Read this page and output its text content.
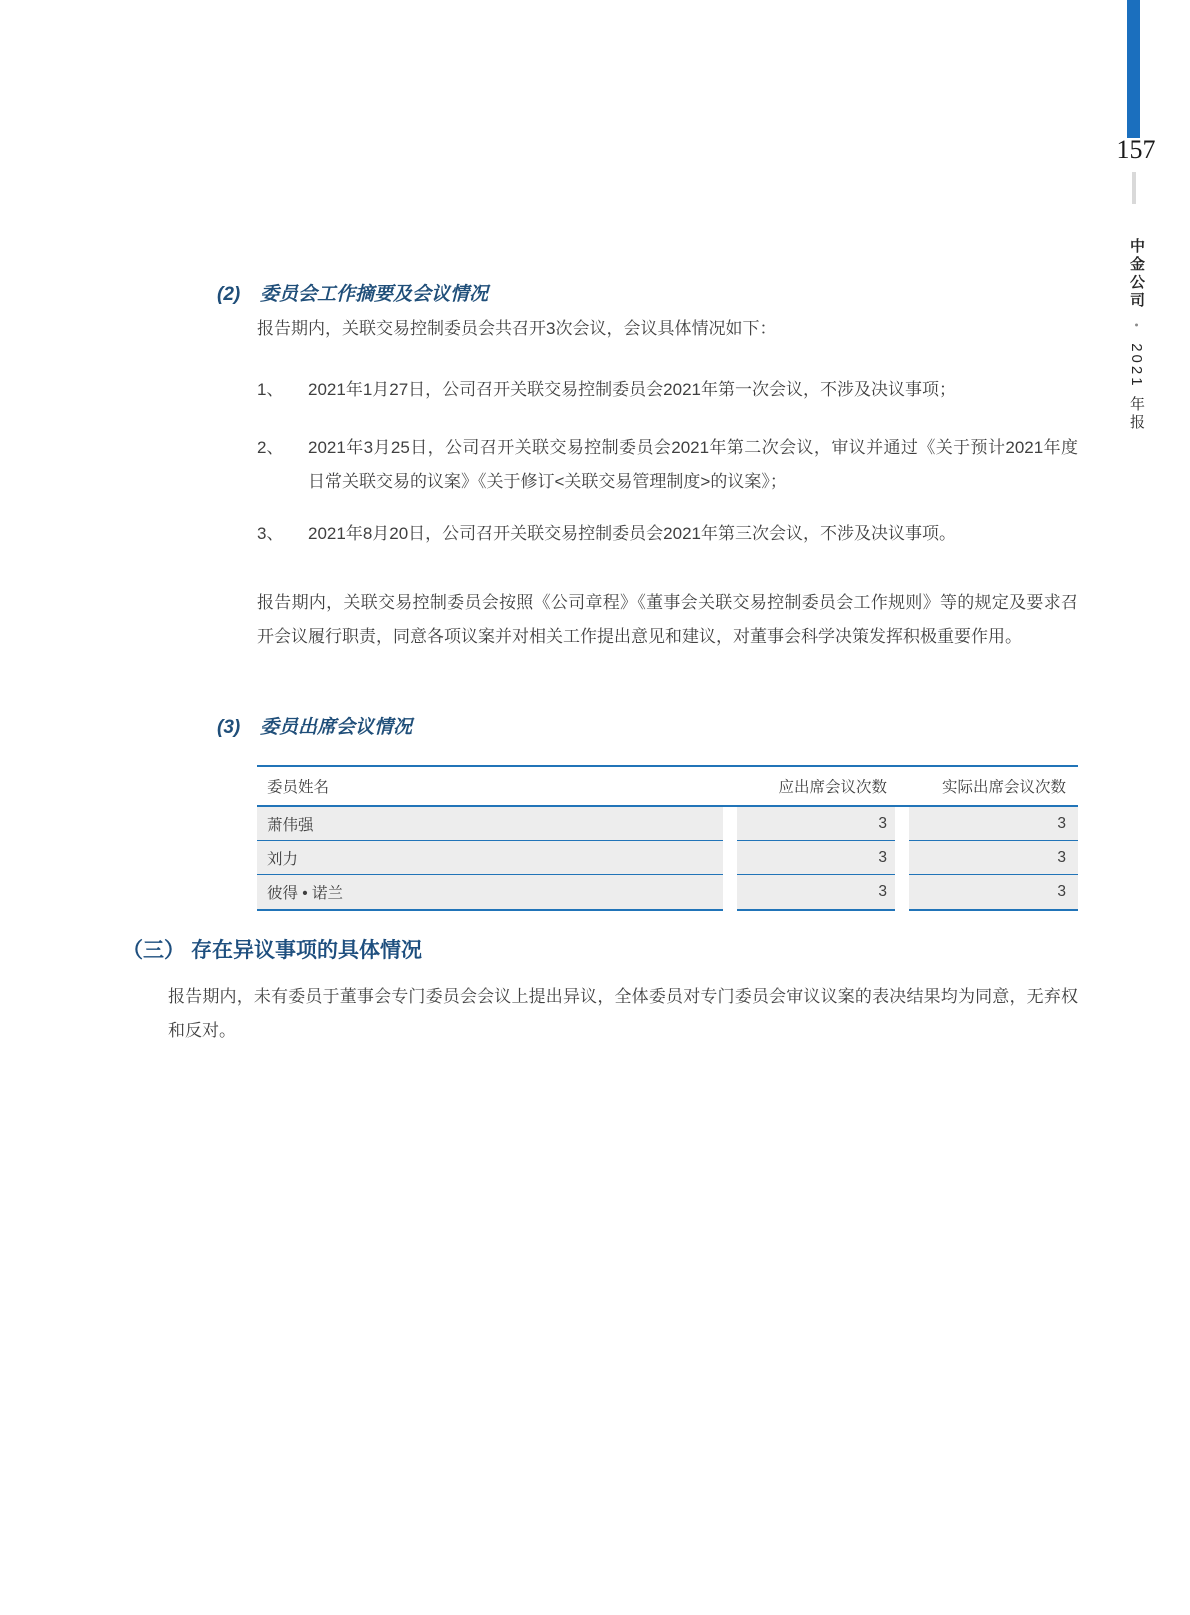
157
中金公司 • 2021 年报
(2)	委员会工作摘要及会议情况

报告期内，关联交易控制委员会共召开3次会议，会议具体情况如下：

1、	2021年1月27日，公司召开关联交易控制委员会2021年第一次会议，不涉及决议事项；
2、	2021年3月25日，公司召开关联交易控制委员会2021年第二次会议，审议并通过《关于预计2021年度日常关联交易的议案》《关于修订<关联交易管理制度>的议案》；
3、	2021年8月20日，公司召开关联交易控制委员会2021年第三次会议，不涉及决议事项。

报告期内，关联交易控制委员会按照《公司章程》《董事会关联交易控制委员会工作规则》等的规定及要求召开会议履行职责，同意各项议案并对相关工作提出意见和建议，对董事会科学决策发挥积极重要作用。

(3)	委员出席会议情况
委员姓名	应出席会议次数	实际出席会议次数
萧伟强	3	3
刘力	3	3
彼得 • 诺兰	3	3
（三） 存在异议事项的具体情况

报告期内，未有委员于董事会专门委员会会议上提出异议，全体委员对专门委员会审议议案的表决结果均为同意，无弃权和反对。
